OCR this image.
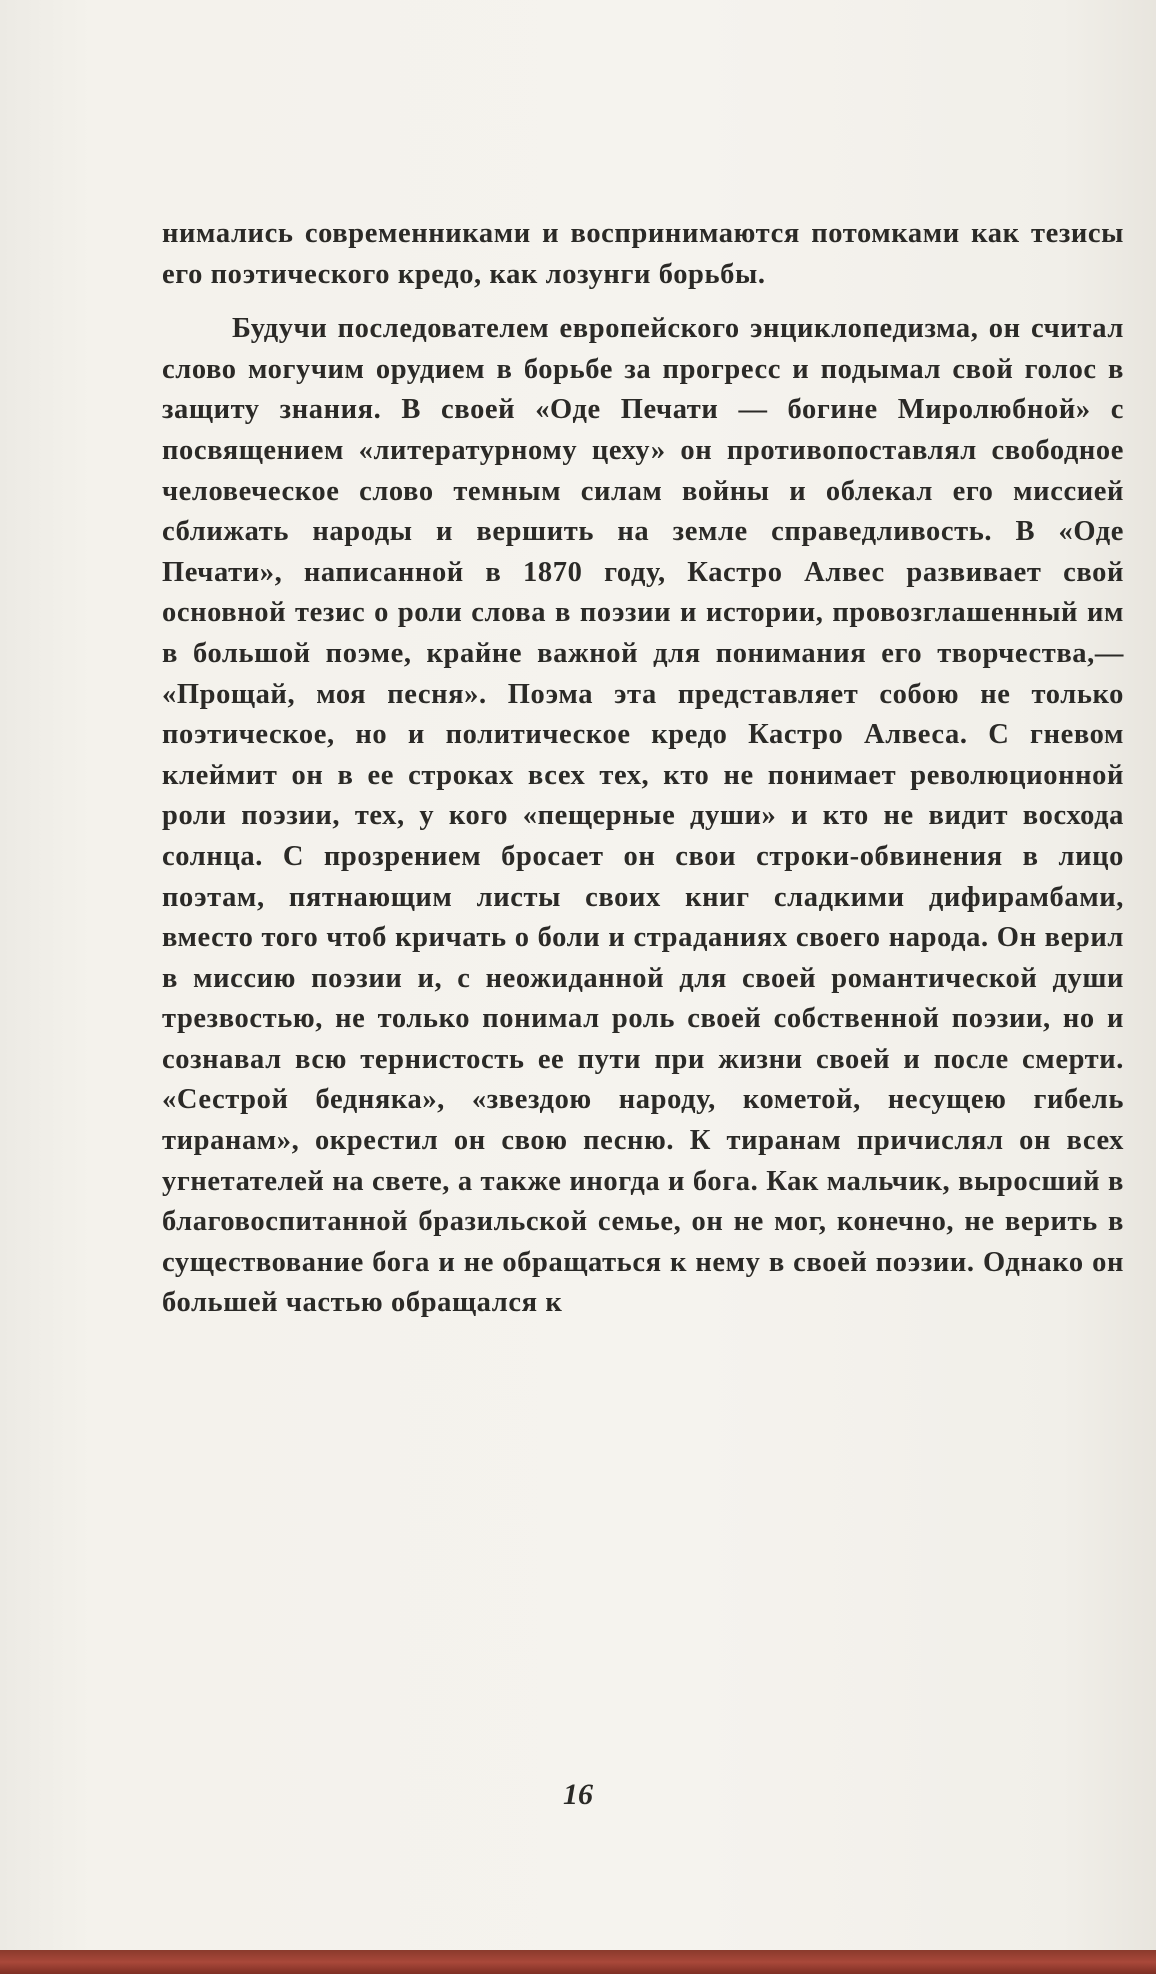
нимались современниками и воспринимаются потомками как тезисы его поэтического кредо, как лозунги борьбы.

Будучи последователем европейского энциклопедизма, он считал слово могучим орудием в борьбе за прогресс и подымал свой голос в защиту знания. В своей «Оде Печати — богине Миролюбной» с посвящением «литературному цеху» он противопоставлял свободное человеческое слово темным силам войны и облекал его миссией сближать народы и вершить на земле справедливость. В «Оде Печати», написанной в 1870 году, Кастро Алвес развивает свой основной тезис о роли слова в поэзии и истории, провозглашенный им в большой поэме, крайне важной для понимания его творчества,— «Прощай, моя песня». Поэма эта представляет собою не только поэтическое, но и политическое кредо Кастро Алвеса. С гневом клеймит он в ее строках всех тех, кто не понимает революционной роли поэзии, тех, у кого «пещерные души» и кто не видит восхода солнца. С прозрением бросает он свои строки-обвинения в лицо поэтам, пятнающим листы своих книг сладкими дифирамбами, вместо того чтоб кричать о боли и страданиях своего народа. Он верил в миссию поэзии и, с неожиданной для своей романтической души трезвостью, не только понимал роль своей собственной поэзии, но и сознавал всю тернистость ее пути при жизни своей и после смерти. «Сестрой бедняка», «звездою народу, кометой, несущею гибель тиранам», окрестил он свою песню. К тиранам причислял он всех угнетателей на свете, а также иногда и бога. Как мальчик, выросший в благовоспитанной бразильской семье, он не мог, конечно, не верить в существование бога и не обращаться к нему в своей поэзии. Однако он большей частью обращался к

16
